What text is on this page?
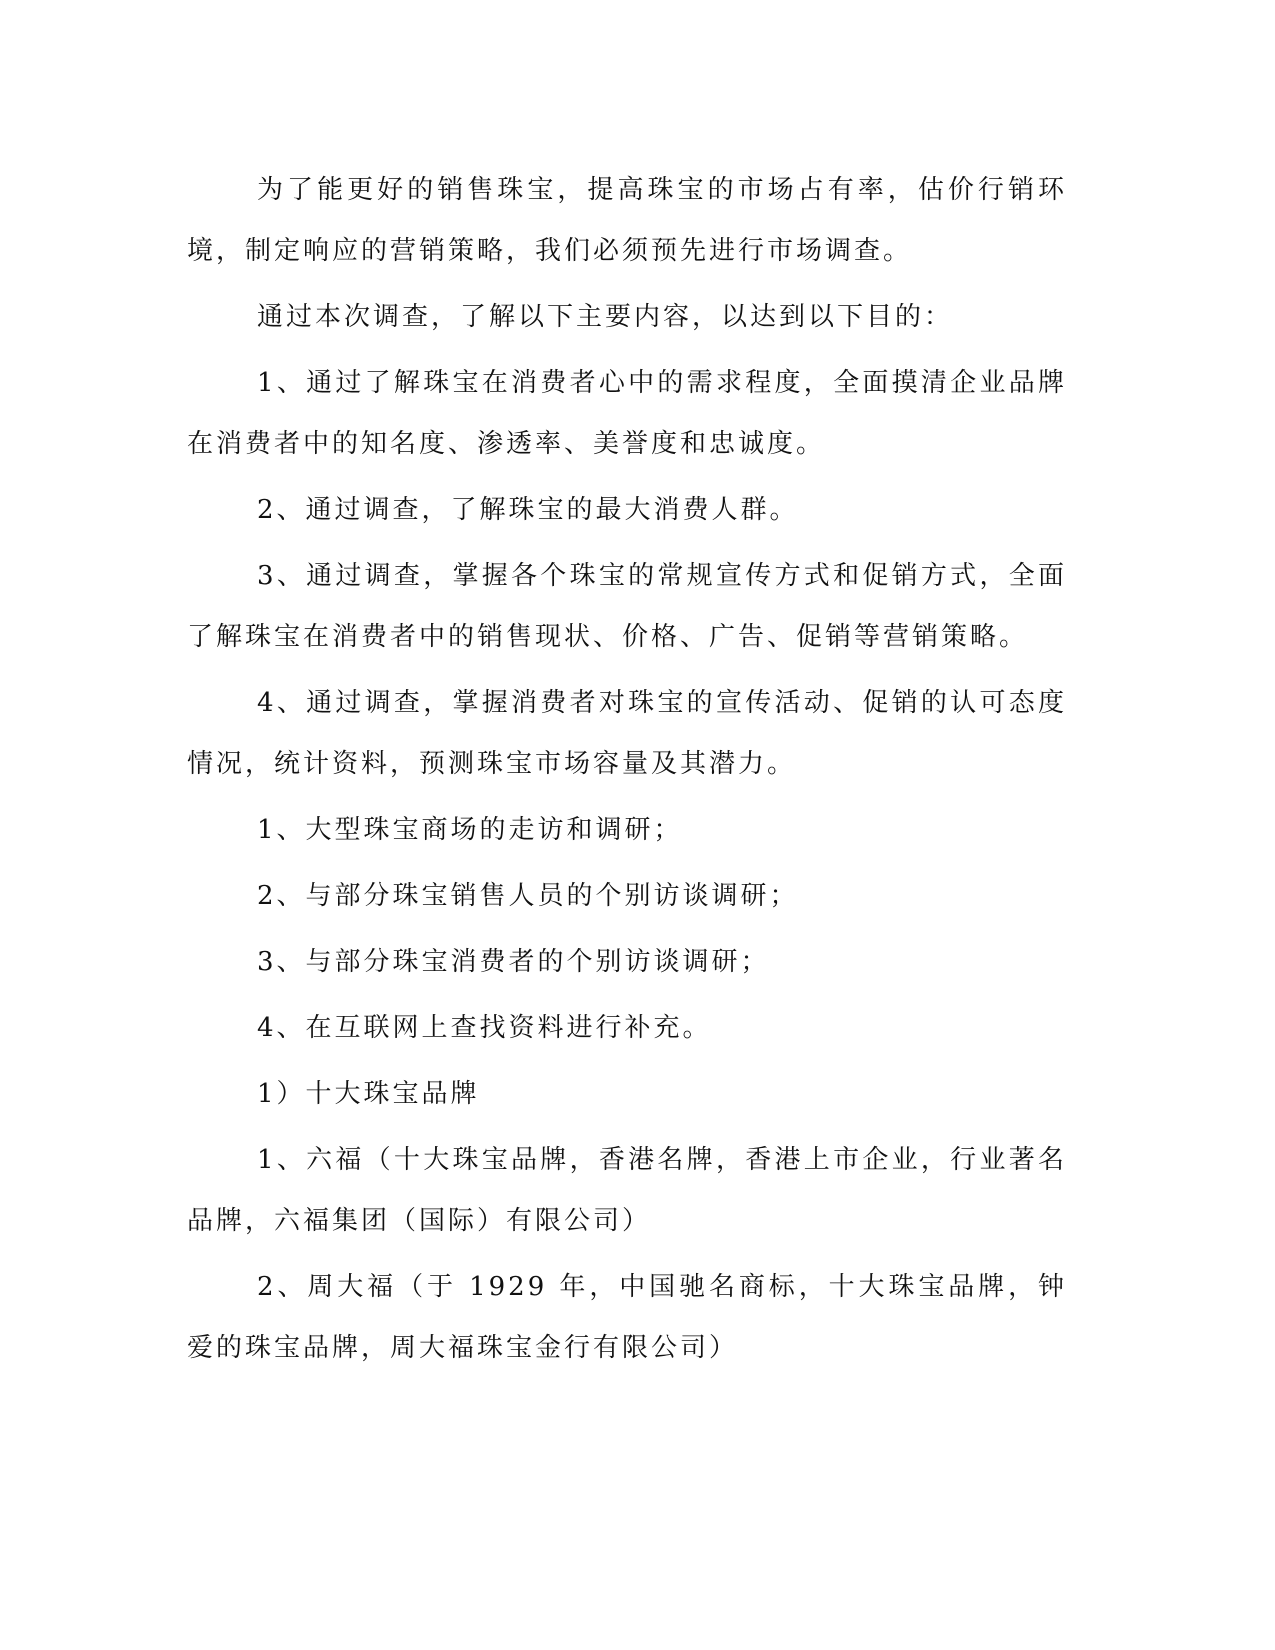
为了能更好的销售珠宝，提高珠宝的市场占有率，估价行销环境，制定响应的营销策略，我们必须预先进行市场调查。

通过本次调查，了解以下主要内容，以达到以下目的：

1、通过了解珠宝在消费者心中的需求程度，全面摸清企业品牌在消费者中的知名度、渗透率、美誉度和忠诚度。

2、通过调查，了解珠宝的最大消费人群。

3、通过调查，掌握各个珠宝的常规宣传方式和促销方式，全面了解珠宝在消费者中的销售现状、价格、广告、促销等营销策略。

4、通过调查，掌握消费者对珠宝的宣传活动、促销的认可态度情况，统计资料，预测珠宝市场容量及其潜力。

1、大型珠宝商场的走访和调研；

2、与部分珠宝销售人员的个别访谈调研；

3、与部分珠宝消费者的个别访谈调研；

4、在互联网上查找资料进行补充。

1）十大珠宝品牌

1、六福（十大珠宝品牌，香港名牌，香港上市企业，行业著名品牌，六福集团（国际）有限公司）

2、周大福（于 1929 年，中国驰名商标，十大珠宝品牌，钟爱的珠宝品牌，周大福珠宝金行有限公司）
